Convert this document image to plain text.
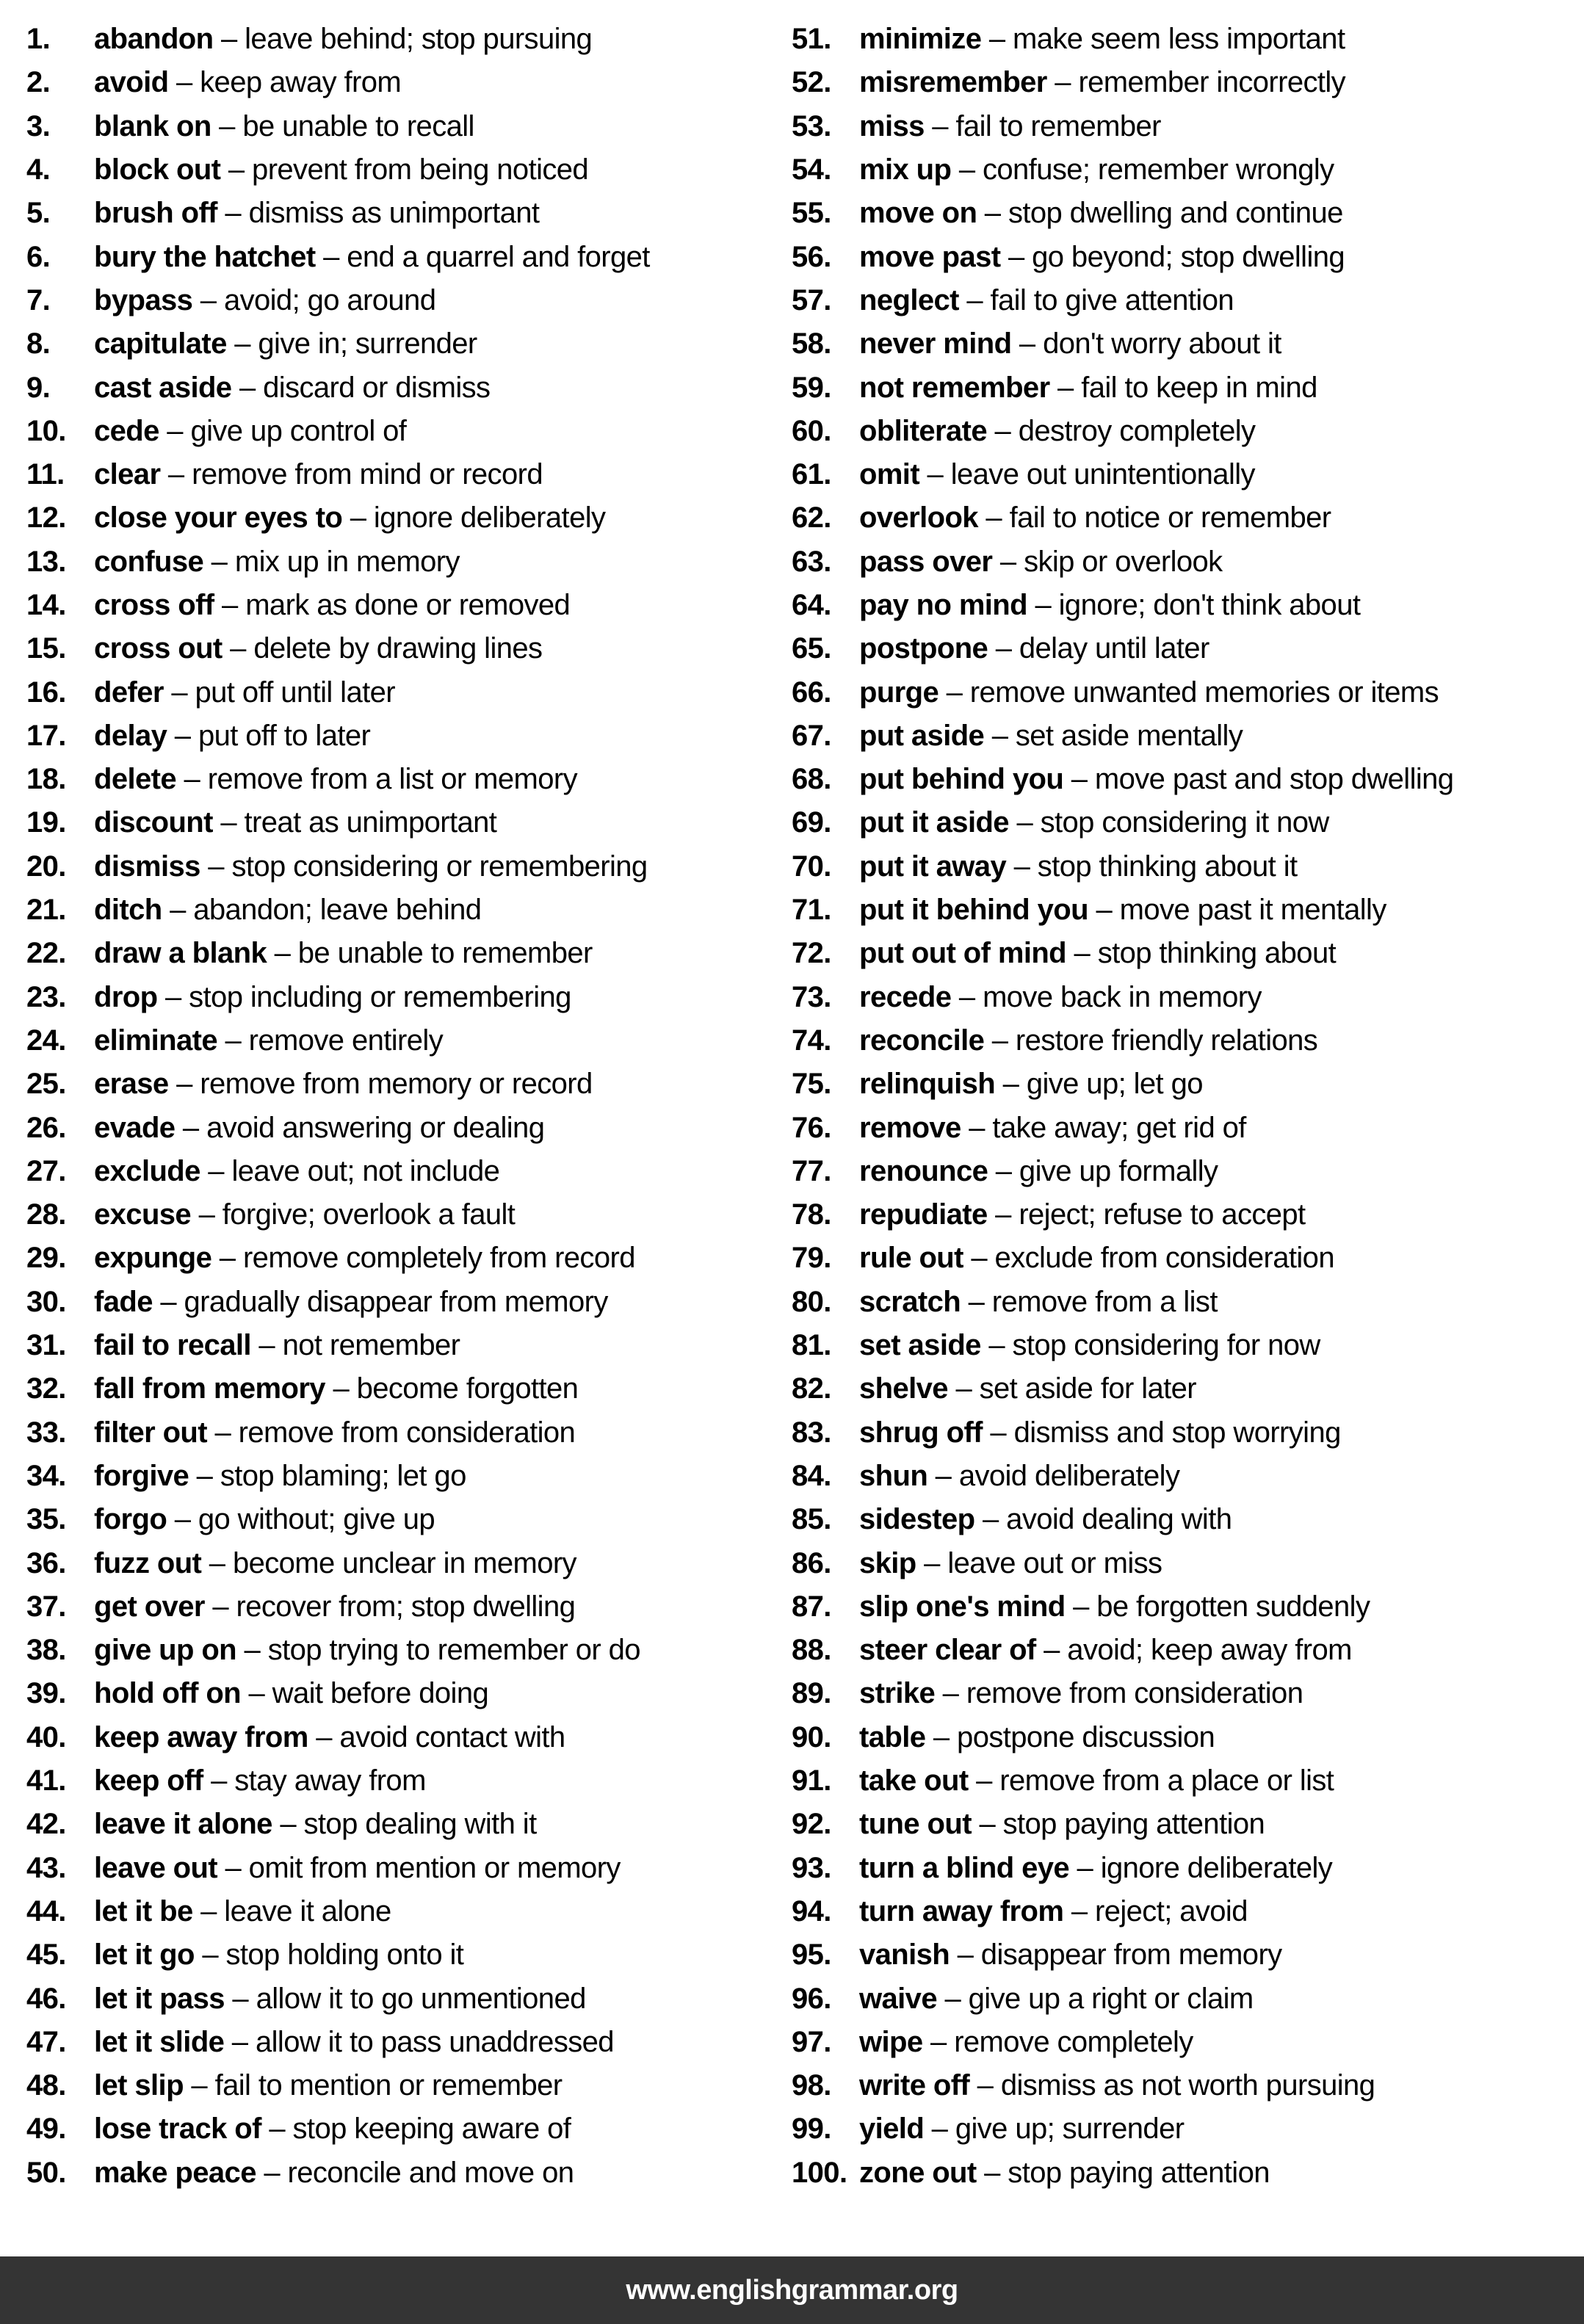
1.	abandon – leave behind; stop pursuing
2.	avoid – keep away from
3.	blank on – be unable to recall
4.	block out – prevent from being noticed
5.	brush off – dismiss as unimportant
6.	bury the hatchet – end a quarrel and forget
7.	bypass – avoid; go around
8.	capitulate – give in; surrender
9.	cast aside – discard or dismiss
10. cede – give up control of
11.	clear – remove from mind or record
12. close your eyes to – ignore deliberately
13. confuse – mix up in memory
14. cross off – mark as done or removed
15. cross out – delete by drawing lines
16. defer – put off until later
17. delay – put off to later
18. delete – remove from a list or memory
19. discount – treat as unimportant
20. dismiss – stop considering or remembering
21. ditch – abandon; leave behind
22. draw a blank – be unable to remember
23. drop – stop including or remembering
24. eliminate – remove entirely
25. erase – remove from memory or record
26. evade – avoid answering or dealing
27. exclude – leave out; not include
28. excuse – forgive; overlook a fault
29. expunge – remove completely from record
30. fade – gradually disappear from memory
31. fail to recall – not remember
32. fall from memory – become forgotten
33. filter out – remove from consideration
34. forgive – stop blaming; let go
35. forgo – go without; give up
36. fuzz out – become unclear in memory
37. get over – recover from; stop dwelling
38. give up on – stop trying to remember or do
39. hold off on – wait before doing
40. keep away from – avoid contact with
41. keep off – stay away from
42. leave it alone – stop dealing with it
43. leave out – omit from mention or memory
44. let it be – leave it alone
45. let it go – stop holding onto it
46. let it pass – allow it to go unmentioned
47. let it slide – allow it to pass unaddressed
48. let slip – fail to mention or remember
49. lose track of – stop keeping aware of
50. make peace – reconcile and move on
51. minimize – make seem less important
52. misremember – remember incorrectly
53. miss – fail to remember
54. mix up – confuse; remember wrongly
55. move on – stop dwelling and continue
56. move past – go beyond; stop dwelling
57. neglect – fail to give attention
58. never mind – don't worry about it
59. not remember – fail to keep in mind
60. obliterate – destroy completely
61. omit – leave out unintentionally
62. overlook – fail to notice or remember
63. pass over – skip or overlook
64. pay no mind – ignore; don't think about
65. postpone – delay until later
66. purge – remove unwanted memories or items
67. put aside – set aside mentally
68. put behind you – move past and stop dwelling
69. put it aside – stop considering it now
70. put it away – stop thinking about it
71. put it behind you – move past it mentally
72. put out of mind – stop thinking about
73. recede – move back in memory
74. reconcile – restore friendly relations
75. relinquish – give up; let go
76. remove – take away; get rid of
77. renounce – give up formally
78. repudiate – reject; refuse to accept
79. rule out – exclude from consideration
80. scratch – remove from a list
81. set aside – stop considering for now
82. shelve – set aside for later
83. shrug off – dismiss and stop worrying
84. shun – avoid deliberately
85. sidestep – avoid dealing with
86. skip – leave out or miss
87. slip one's mind – be forgotten suddenly
88. steer clear of – avoid; keep away from
89. strike – remove from consideration
90. table – postpone discussion
91. take out – remove from a place or list
92. tune out – stop paying attention
93. turn a blind eye – ignore deliberately
94. turn away from – reject; avoid
95. vanish – disappear from memory
96. waive – give up a right or claim
97. wipe – remove completely
98. write off – dismiss as not worth pursuing
99. yield – give up; surrender
100. zone out – stop paying attention
www.englishgrammar.org
